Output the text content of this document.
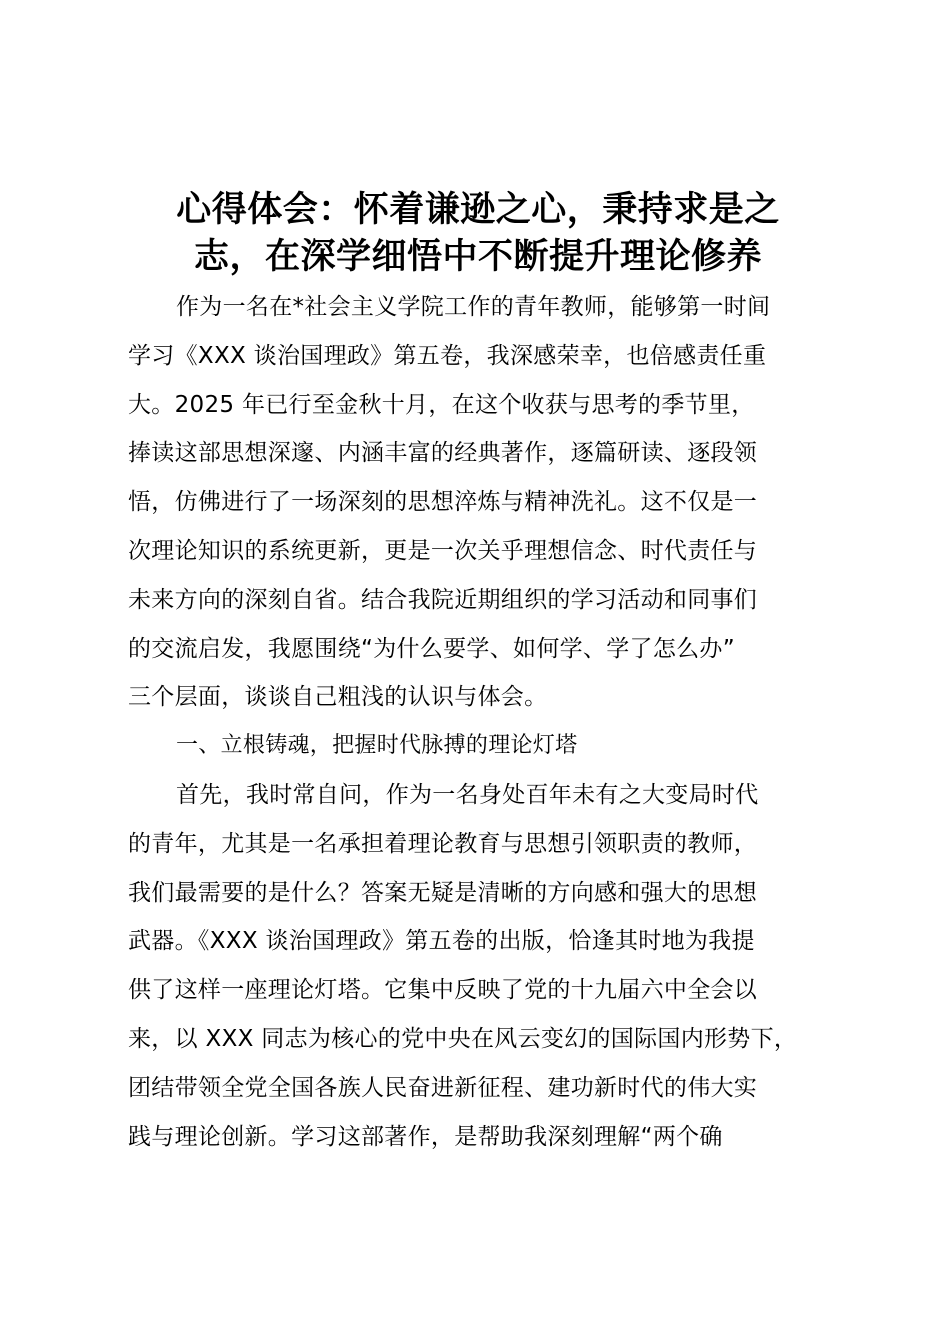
心得体会：怀着谦逊之心，秉持求是之
志，在深学细悟中不断提升理论修养
作为一名在*社会主义学院工作的青年教师，能够第一时间
学习《XXX 谈治国理政》第五卷，我深感荣幸，也倍感责任重
大。2025 年已行至金秋十月，在这个收获与思考的季节里，
捧读这部思想深邃、内涵丰富的经典著作，逐篇研读、逐段领
悟，仿佛进行了一场深刻的思想淬炼与精神洗礼。这不仅是一
次理论知识的系统更新，更是一次关乎理想信念、时代责任与
未来方向的深刻自省。结合我院近期组织的学习活动和同事们
的交流启发，我愿围绕“为什么要学、如何学、学了怎么办”
三个层面，谈谈自己粗浅的认识与体会。
一、立根铸魂，把握时代脉搏的理论灯塔
首先，我时常自问，作为一名身处百年未有之大变局时代
的青年，尤其是一名承担着理论教育与思想引领职责的教师，
我们最需要的是什么？答案无疑是清晰的方向感和强大的思想
武器。《XXX 谈治国理政》第五卷的出版，恰逢其时地为我提
供了这样一座理论灯塔。它集中反映了党的十九届六中全会以
来，以 XXX 同志为核心的党中央在风云变幻的国际国内形势下，
团结带领全党全国各族人民奋进新征程、建功新时代的伟大实
践与理论创新。学习这部著作，是帮助我深刻理解“两个确
